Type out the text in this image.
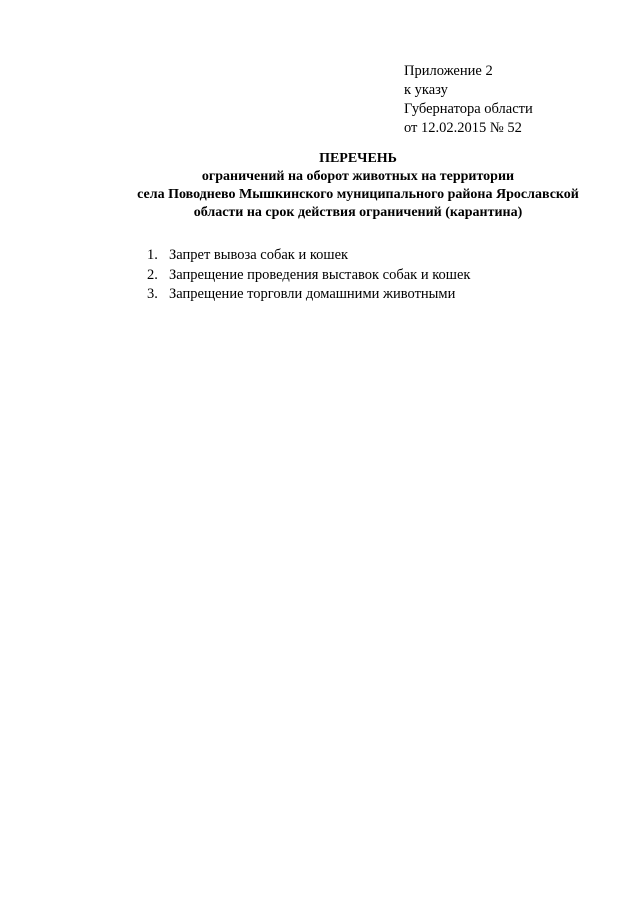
Приложение 2
к указу
Губернатора области
от 12.02.2015 № 52
ПЕРЕЧЕНЬ
ограничений на оборот животных на территории
села Поводнево Мышкинского муниципального района Ярославской
области на срок действия ограничений (карантина)
1. Запрет вывоза собак и кошек
2. Запрещение проведения выставок собак и кошек
3. Запрещение торговли домашними животными
